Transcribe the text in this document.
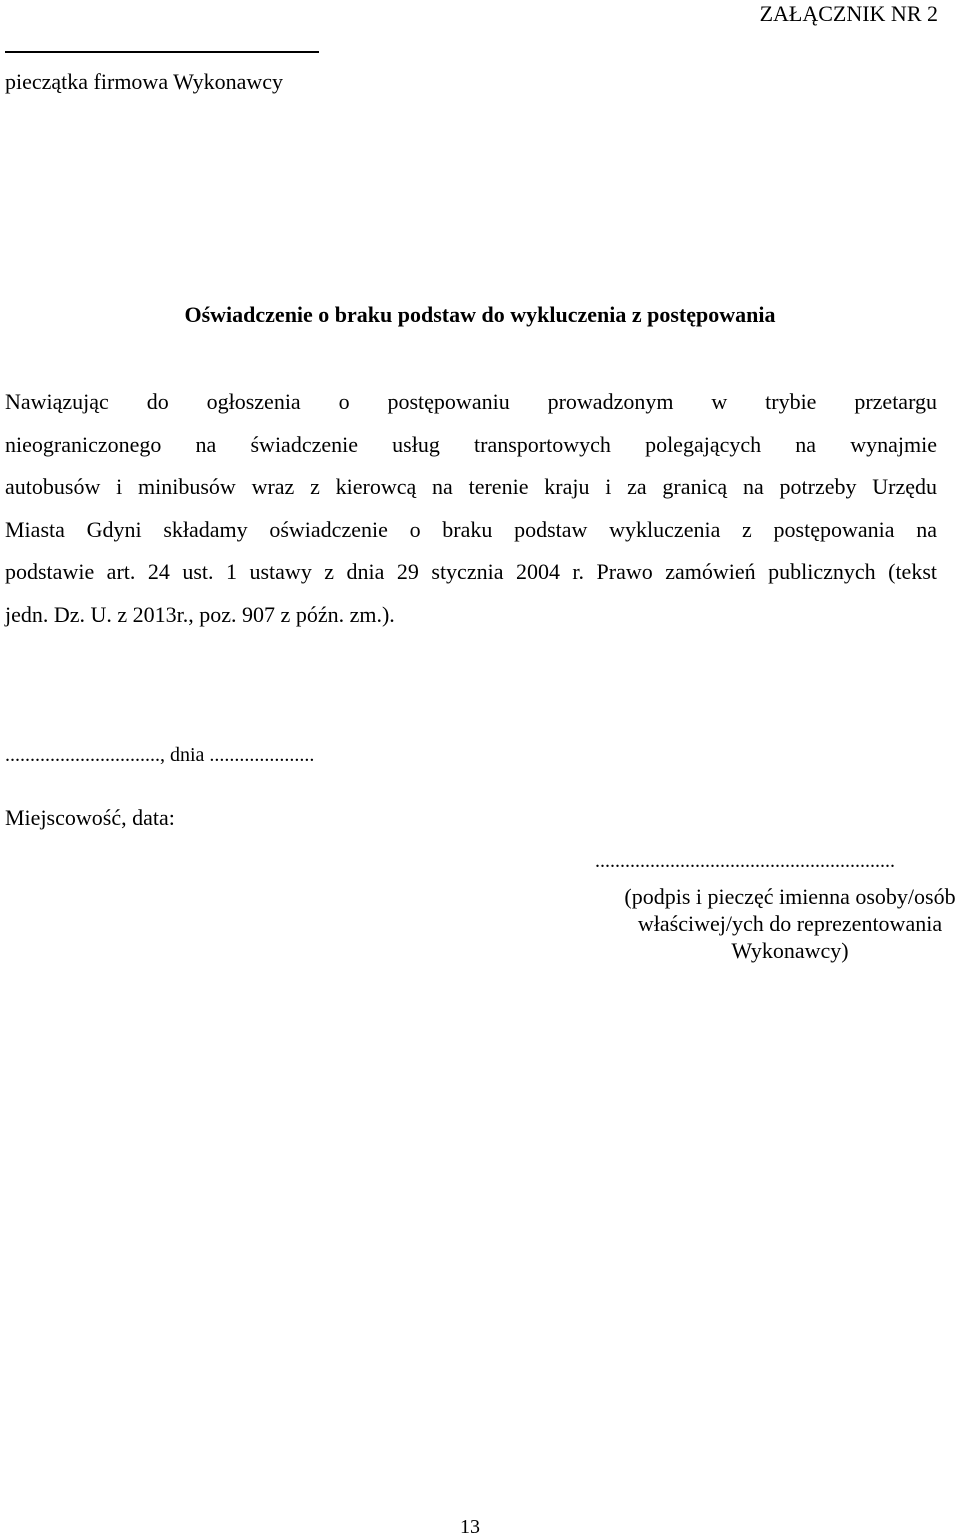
ZAŁĄCZNIK NR 2
pieczątka firmowa Wykonawcy
Oświadczenie o braku podstaw do wykluczenia z postępowania
Nawiązując do ogłoszenia o postępowaniu prowadzonym w trybie przetargu
nieograniczonego na świadczenie usług transportowych polegających na wynajmie
autobusów i minibusów wraz z kierowcą na terenie kraju i za granicą na potrzeby Urzędu
Miasta Gdyni składamy oświadczenie o braku podstaw wykluczenia z postępowania na
podstawie art. 24 ust. 1 ustawy z dnia 29 stycznia 2004 r. Prawo zamówień publicznych (tekst
jedn. Dz. U. z 2013r., poz. 907 z późn. zm.).
..............................., dnia .....................
Miejscowość, data:
............................................................
(podpis i pieczęć imienna osoby/osób
właściwej/ych do reprezentowania
Wykonawcy)
13
